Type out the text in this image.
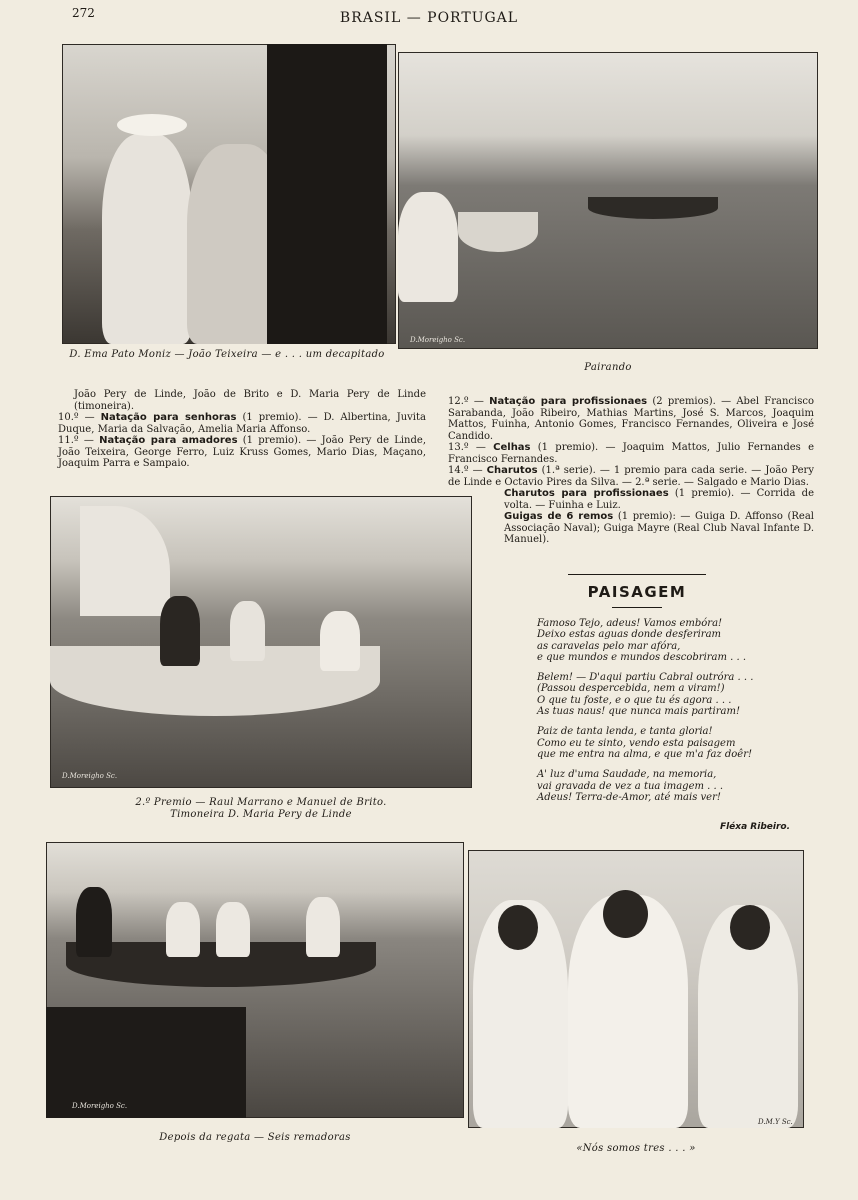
272	BRASIL — PORTUGAL
D. Ema Pato Moniz — João Teixeira — e . . . um decapitado
D.Moreigho Sc.
Pairando

João Pery de Linde, João de Brito e D. Maria Pery de Linde (timoneira).

10.º — Natação para senhoras (1 premio). — D. Albertina, Juvita Duque, Maria da Salvação, Amelia Maria Affonso.

11.º — Natação para amadores (1 premio). — João Pery de Linde, João Teixeira, George Ferro, Luiz Kruss Gomes, Mario Dias, Maçano, Joaquim Parra e Sampaio.

12.º — Natação para profissionaes (2 premios). — Abel Francisco Sarabanda, João Ribeiro, Mathias Martins, José S. Marcos, Joaquim Mattos, Fuinha, Antonio Gomes, Francisco Fernandes, Oliveira e José Candido.

13.º — Celhas (1 premio). — Joaquim Mattos, Julio Fernandes e Francisco Fernandes.

14.º — Charutos (1.ª serie). — 1 premio para cada serie. — João Pery de Linde e Octavio Pires da Silva. — 2.ª serie. — Salgado e Mario Dias.

Charutos para profissionaes (1 premio). — Corrida de volta. — Fuinha e Luiz.

Guigas de 6 remos (1 premio): — Guiga D. Affonso (Real Associação Naval); Guiga Mayre (Real Club Naval Infante D. Manuel).

D.Moreigho Sc.
2.º Premio — Raul Marrano e Manuel de Brito.
Timoneira D. Maria Pery de Linde
PAISAGEM
Famoso Tejo, adeus! Vamos embóra!
Deixo estas aguas donde desferiram
as caravelas pelo mar afóra,
e que mundos e mundos descobriram . . .
Belem! — D'aqui partiu Cabral outróra . . .
(Passou despercebida, nem a viram!)
O que tu foste, e o que tu és agora . . .
As tuas naus! que nunca mais partiram!
Paiz de tanta lenda, e tanta gloria!
Como eu te sinto, vendo esta paisagem
que me entra na alma, e que m'a faz doêr!
A' luz d'uma Saudade, na memoria,
vai gravada de vez a tua imagem . . .
Adeus! Terra-de-Amor, até mais ver!
Fléxa Ribeiro.
D.Moreigho Sc.
Depois da regata — Seis remadoras
D.M.Y Sc.
«Nós somos tres . . . »
